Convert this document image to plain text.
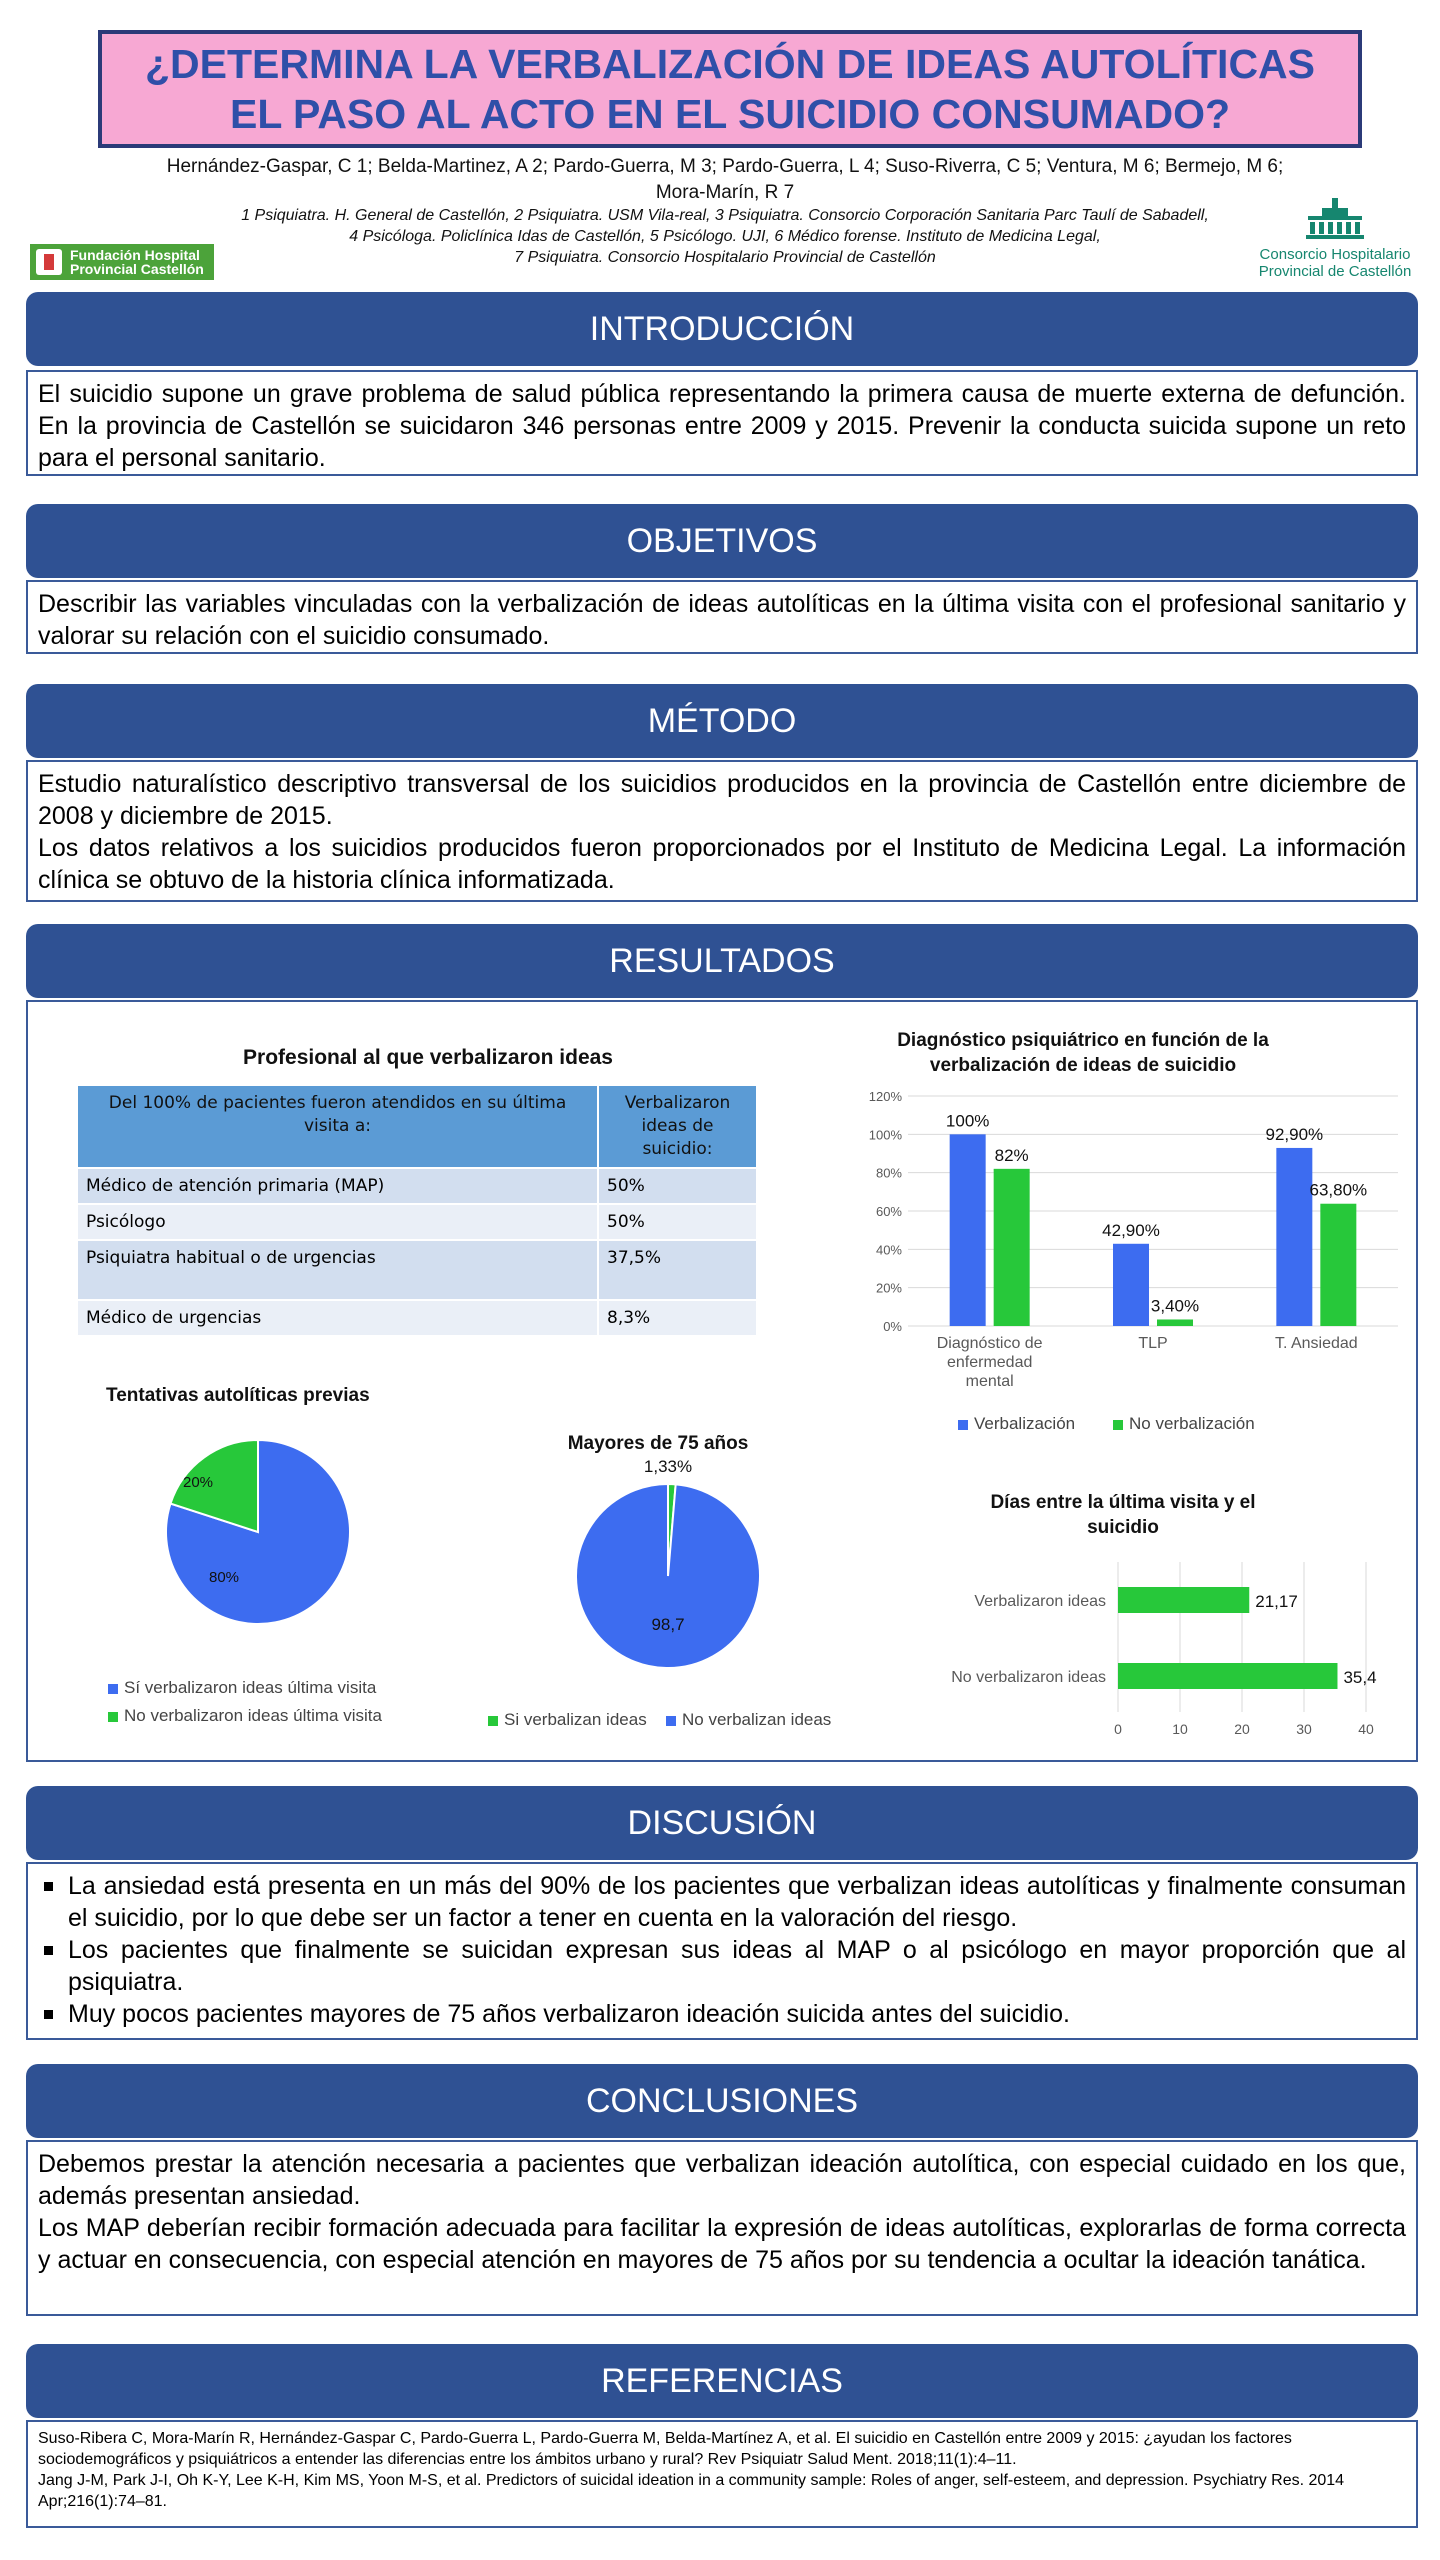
¿DETERMINA LA VERBALIZACIÓN DE IDEAS AUTOLÍTICAS
EL PASO AL ACTO EN EL SUICIDIO CONSUMADO?
Hernández-Gaspar, C 1; Belda-Martinez, A 2; Pardo-Guerra, M 3; Pardo-Guerra, L 4; Suso-Riverra, C 5; Ventura, M 6; Bermejo, M 6;
Mora-Marín, R 7
1 Psiquiatra. H. General de Castellón, 2 Psiquiatra. USM Vila-real, 3 Psiquiatra. Consorcio Corporación Sanitaria Parc Taulí de Sabadell,
4 Psicóloga. Policlínica Idas de Castellón, 5 Psicólogo. UJI, 6 Médico forense. Instituto de Medicina Legal,
7 Psiquiatra. Consorcio Hospitalario Provincial de Castellón
Fundación Hospital
Provincial Castellón
Consorcio Hospitalario
Provincial de Castellón
INTRODUCCIÓN

El suicidio supone un grave problema de salud pública representando la primera causa de muerte externa de defunción. En la provincia de Castellón se suicidaron 346 personas entre 2009 y 2015. Prevenir la conducta suicida supone un reto para el personal sanitario.

OBJETIVOS

Describir las variables vinculadas con la verbalización de ideas autolíticas en la última visita con el profesional sanitario y valorar su relación con el suicidio consumado.

MÉTODO

Estudio naturalístico descriptivo transversal de los suicidios producidos en la provincia de Castellón entre diciembre de 2008 y diciembre de 2015.

Los datos relativos a los suicidios producidos fueron proporcionados por el Instituto de Medicina Legal. La información clínica se obtuvo de la historia clínica informatizada.

RESULTADOS
Profesional al que verbalizaron ideas
Del 100% de pacientes fueron atendidos en su última visita a:	Verbalizaron ideas de suicidio:
Médico de atención primaria (MAP)	50%
Psicólogo	50%
Psiquiatra habitual o de urgencias	37,5%
Médico de urgencias	8,3%
Diagnóstico psiquiátrico en función de la verbalización de ideas de suicidio
0%
20%
40%
60%
80%
100%
120%
100%
82%
Diagnóstico de
enfermedad
mental
42,90%
3,40%
TLP
92,90%
63,80%
T. Ansiedad
Verbalización	No verbalización
Tentativas autolíticas previas
80%
20%
Sí verbalizaron ideas última visita
No verbalizaron ideas última visita
Mayores de 75 años
1,33%
98,7
Si verbalizan ideas	No verbalizan ideas
Días entre la última visita y el suicidio
0	10	20	30	40
Verbalizaron ideas	21,17
No verbalizaron ideas	35,4
DISCUSIÓN
La ansiedad está presenta en un más del 90% de los pacientes que verbalizan ideas autolíticas y finalmente consuman el suicidio, por lo que debe ser un factor a tener en cuenta en la valoración del riesgo.
Los pacientes que finalmente se suicidan expresan sus ideas al MAP o al psicólogo en mayor proporción que al psiquiatra.
Muy pocos pacientes mayores de 75 años verbalizaron ideación suicida antes del suicidio.
CONCLUSIONES

Debemos prestar la atención necesaria a pacientes que verbalizan ideación autolítica, con especial cuidado en los que, además presentan ansiedad.

Los MAP deberían recibir formación adecuada para facilitar la expresión de ideas autolíticas, explorarlas de forma correcta y actuar en consecuencia, con especial atención en mayores de 75 años por su tendencia a ocultar la ideación tanática.

REFERENCIAS

Suso-Ribera C, Mora-Marín R, Hernández-Gaspar C, Pardo-Guerra L, Pardo-Guerra M, Belda-Martínez A, et al. El suicidio en Castellón entre 2009 y 2015: ¿ayudan los factores sociodemográficos y psiquiátricos a entender las diferencias entre los ámbitos urbano y rural? Rev Psiquiatr Salud Ment. 2018;11(1):4–11.

Jang J-M, Park J-I, Oh K-Y, Lee K-H, Kim MS, Yoon M-S, et al. Predictors of suicidal ideation in a community sample: Roles of anger, self-esteem, and depression. Psychiatry Res. 2014 Apr;216(1):74–81.
